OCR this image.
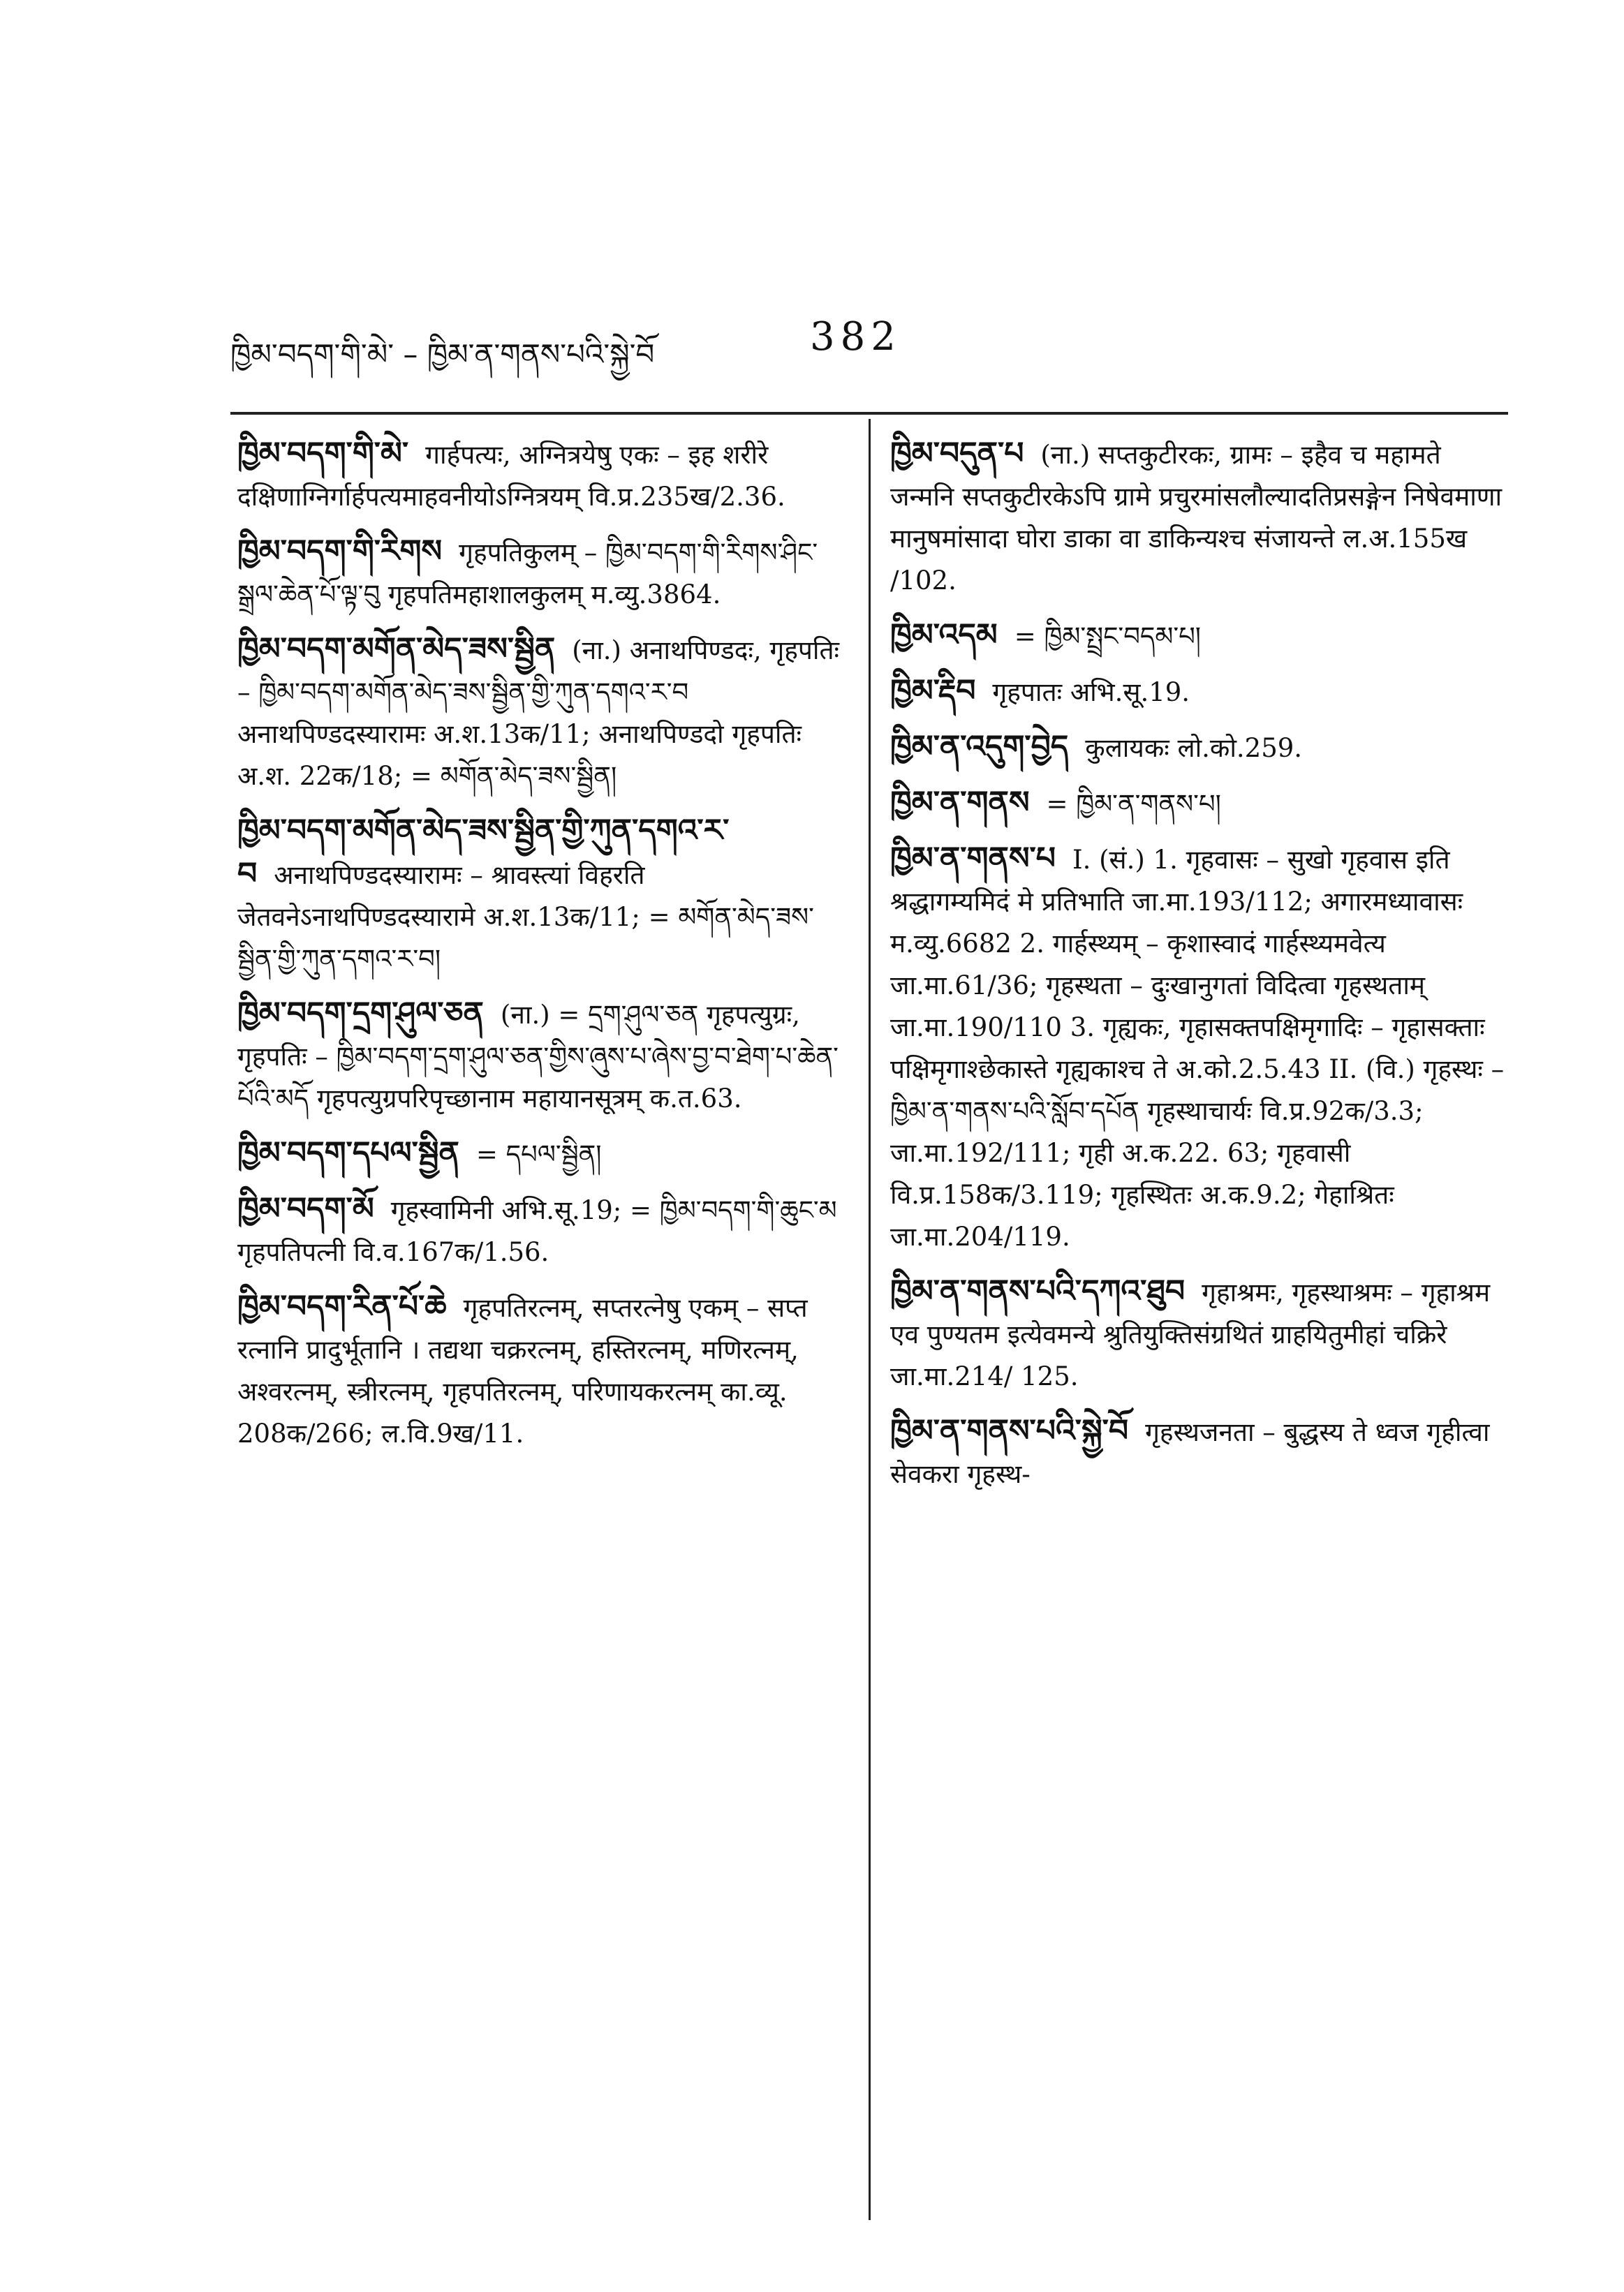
ཁྱིམ་བདག་གི་མེ་ – ཁྱིམ་ན་གནས་པའི་སྐྱེ་བོ	382
ཁྱིམ་བདག་གི་མེ་ गार्हपत्यः, अग्नित्रयेषु एकः – इह शरीरे दक्षिणाग्निर्गार्हपत्यमाहवनीयोऽग्नित्रयम् वि.प्र.235ख/2.36.
ཁྱིམ་བདག་གི་རིགས गृहपतिकुलम् – ཁྱིམ་བདག་གི་རིགས་ཤིང་སྒྲལ་ཆེན་པོ་ལྟ་བུ गृहपतिमहाशालकुलम् म.व्यु.3864.
ཁྱིམ་བདག་མགོན་མེད་ཟས་སྦྱིན (ना.) अनाथपिण्डदः, गृहपतिः – ཁྱིམ་བདག་མགོན་མེད་ཟས་སྦྱིན་གྱི་ཀུན་དགའ་ར་བ अनाथपिण्डदस्यारामः अ.श.13क/11; अनाथपिण्डदो गृहपतिः अ.श. 22क/18; = མགོན་མེད་ཟས་སྦྱིན།
ཁྱིམ་བདག་མགོན་མེད་ཟས་སྦྱིན་གྱི་ཀུན་དགའ་ར་བ अनाथपिण्डदस्यारामः – श्रावस्त्यां विहरति जेतवनेऽनाथपिण्डदस्यारामे अ.श.13क/11; = མགོན་མེད་ཟས་སྦྱིན་གྱི་ཀུན་དགའ་ར་བ།
ཁྱིམ་བདག་དྲག་ཤུལ་ཅན (ना.) = དྲག་ཤུལ་ཅན गृहपत्युग्रः, गृहपतिः – ཁྱིམ་བདག་དྲག་ཤུལ་ཅན་གྱིས་ཞུས་པ་ཞེས་བྱ་བ་ཐེག་པ་ཆེན་པོའི་མདོ गृहपत्युग्रपरिपृच्छानाम महायानसूत्रम् क.त.63.
ཁྱིམ་བདག་དཔལ་སྦྱིན = དཔལ་སྦྱིན།
ཁྱིམ་བདག་མོ गृहस्वामिनी अभि.सू.19; = ཁྱིམ་བདག་གི་ཆུང་མ गृहपतिपत्नी वि.व.167क/1.56.
ཁྱིམ་བདག་རིན་པོ་ཆེ गृहपतिरत्नम्, सप्तरत्नेषु एकम् – सप्त रत्नानि प्रादुर्भूतानि । तद्यथा चक्ररत्नम्, हस्तिरत्नम्, मणिरत्नम्, अश्वरत्नम्, स्त्रीरत्नम्, गृहपतिरत्नम्, परिणायकरत्नम् का.व्यू. 208क/266; ल.वि.9ख/11.
ཁྱིམ་བདུན་པ (ना.) सप्तकुटीरकः, ग्रामः – इहैव च महामते जन्मनि सप्तकुटीरकेऽपि ग्रामे प्रचुरमांसलौल्यादतिप्रसङ्गेन निषेवमाणा मानुषमांसादा घोरा डाका वा डाकिन्यश्च संजायन्ते ल.अ.155ख /102.
ཁྱིམ་འདམ = ཁྱིམ་སྤྲང་བདམ་པ།
ཁྱིམ་རྡིབ गृहपातः अभि.सू.19.
ཁྱིམ་ན་འདུག་བྱེད कुलायकः लो.को.259.
ཁྱིམ་ན་གནས = ཁྱིམ་ན་གནས་པ།
ཁྱིམ་ན་གནས་པ I. (सं.) 1. गृहवासः – सुखो गृहवास इति श्रद्धागम्यमिदं मे प्रतिभाति जा.मा.193/112; अगारमध्यावासः म.व्यु.6682 2. गार्हस्थ्यम् – कृशास्वादं गार्हस्थ्यमवेत्य जा.मा.61/36; गृहस्थता – दुःखानुगतां विदित्वा गृहस्थताम् जा.मा.190/110 3. गृह्यकः, गृहासक्तपक्षिमृगादिः – गृहासक्ताः पक्षिमृगाश्छेकास्ते गृह्यकाश्च ते अ.को.2.5.43 II. (वि.) गृहस्थः – ཁྱིམ་ན་གནས་པའི་སློབ་དཔོན गृहस्थाचार्यः वि.प्र.92क/3.3; जा.मा.192/111; गृही अ.क.22. 63; गृहवासी वि.प्र.158क/3.119; गृहस्थितः अ.क.9.2; गेहाश्रितः जा.मा.204/119.
ཁྱིམ་ན་གནས་པའི་དཀའ་ཐུབ गृहाश्रमः, गृहस्थाश्रमः – गृहाश्रम एव पुण्यतम इत्येवमन्ये श्रुतियुक्तिसंग्रथितं ग्राहयितुमीहां चक्रिरे जा.मा.214/ 125.
ཁྱིམ་ན་གནས་པའི་སྐྱེ་བོ गृहस्थजनता – बुद्धस्य ते ध्वज गृहीत्वा सेवकरा गृहस्थ-
